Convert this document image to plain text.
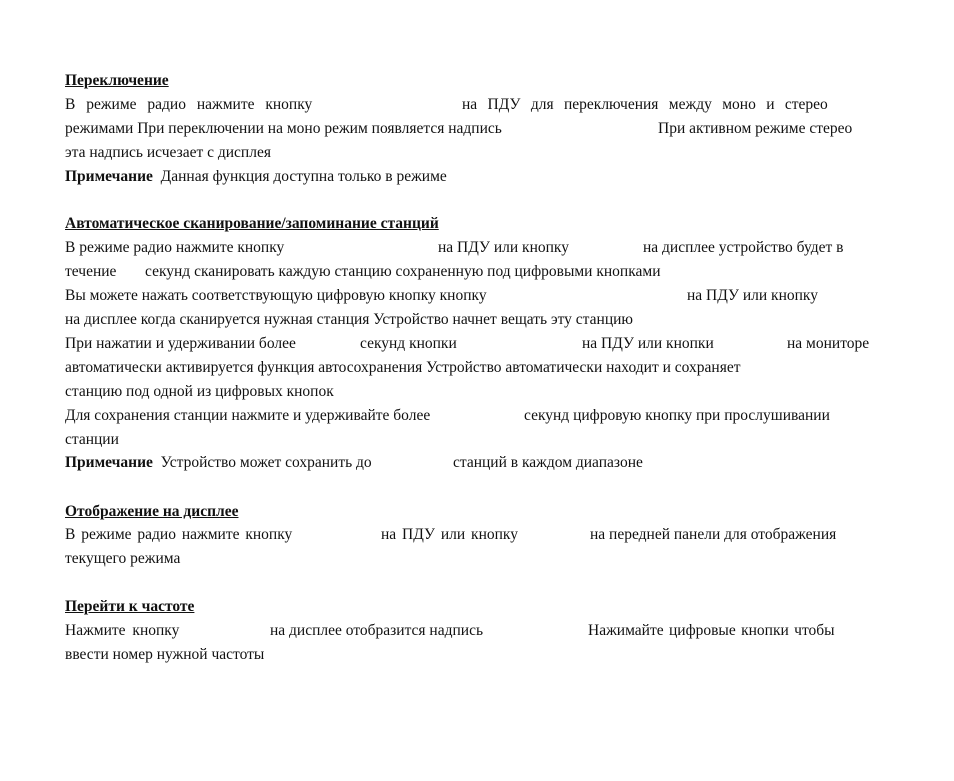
Переключение
В режиме радио нажмите кнопку	на ПДУ для переключения между моно и стерео
режимами При переключении на моно режим появляется надпись	При активном режиме стерео
эта надпись исчезает с дисплея
Примечание Данная функция доступна только в режиме
Автоматическое сканирование/запоминание станций
В режиме радио нажмите кнопку	на ПДУ или кнопку	на дисплее устройство будет в
течение секунд сканировать каждую станцию сохраненную под цифровыми кнопками
Вы можете нажать соответствующую цифровую кнопку кнопку	на ПДУ или кнопку
на дисплее когда сканируется нужная станция Устройство начнет вещать эту станцию
При нажатии и удерживании более	секунд кнопки	на ПДУ или кнопки	на мониторе
автоматически активируется функция автосохранения Устройство автоматически находит и сохраняет
станцию под одной из цифровых кнопок
Для сохранения станции нажмите и удерживайте более	секунд цифровую кнопку при прослушивании
станции
Примечание Устройство может сохранить до	станций в каждом диапазоне
Отображение на дисплее
В режиме радио нажмите кнопку	на ПДУ или кнопку	на передней панели для отображения
текущего режима
Перейти к частоте
Нажмите кнопку	на дисплее отобразится надпись	Нажимайте цифровые кнопки чтобы
ввести номер нужной частоты
